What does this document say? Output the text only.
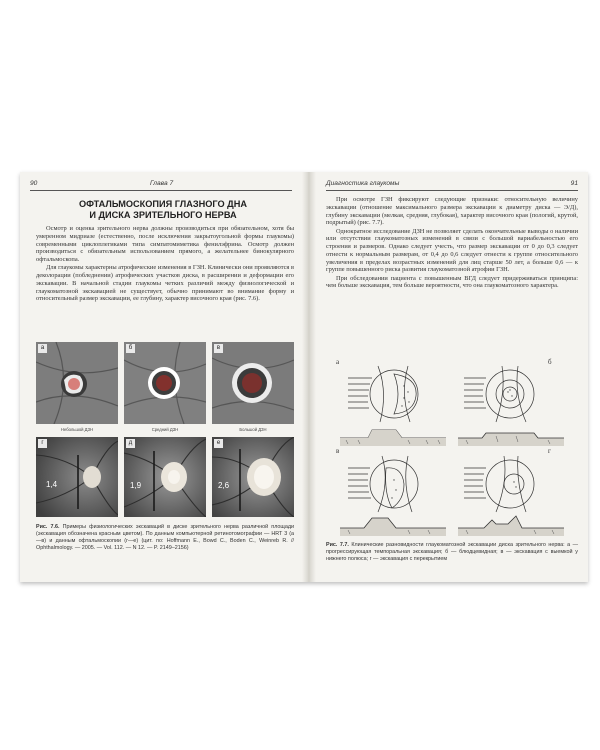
90	Глава 7
ОФТАЛЬМОСКОПИЯ ГЛАЗНОГО ДНА
И ДИСКА ЗРИТЕЛЬНОГО НЕРВА

Осмотр и оценка зрительного нерва должны производиться при обязательном, хотя бы умеренном мидриазе (естественно, после исключения закрытоугольной формы глаукомы) современными циклоплегиками типа симпатомиметика фенилэфрина. Осмотр должен производиться с обязательным использованием прямого, а желательнее бинокулярного офтальмоскопа.

Для глаукомы характерны атрофические изменения в ГЗН. Клинически они проявляются в деколорации (побледнении) атрофических участков диска, в расширении и деформации его экскавации. В начальной стадии глаукомы четких различий между физиологической и глаукоматозной экскавацией не существует, обычно принимают во внимание форму и относительный размер экскавации, ее глубину, характер височного края (рис. 7.6).

а	б	в
Небольшой ДЗН	Средний ДЗН	Большой ДЗН
г
1,4
д
1,9
е
2,6
Рис. 7.6. Примеры физиологических экскаваций в диске зрительного нерва различной площади (экскавация обозначена красным цветом). По данным компьютерной ретинотомографии — HRT 3 (а—в) и данным офтальмоскопии (г—е) (цит. по: Hoffmann E., Bowd C., Boden C., Weinreb R. // Ophthalmology. — 2005. — Vol. 112. — N 12. — P. 2149–2156)
Диагностика глаукомы	91

При осмотре ГЗН фиксируют следующие признаки: относительную величину экскавации (отношение максимального размера экскавации к диаметру диска — Э/Д), глубину экскавации (мелкая, средняя, глубокая), характер височного края (пологий, крутой, подрытый) (рис. 7.7).

Однократное исследование ДЗН не позволяет сделать окончательные выводы о наличии или отсутствии глаукоматозных изменений в связи с большой вариабельностью его строения и размеров. Однако следует учесть, что размер экскавации от 0 до 0,3 следует отнести к нормальным размерам, от 0,4 до 0,6 следует отнести к группе относительного увеличения в пределах возрастных изменений для лиц старше 50 лет, а больше 0,6 — к группе повышенного риска развития глаукоматозной атрофии ГЗН.

При обследовании пациента с повышенным ВГД следует придерживаться принципа: чем больше экскавация, тем больше вероятности, что она глаукоматозного характера.

а	б
в	г
Рис. 7.7. Клинические разновидности глаукоматозной экскавации диска зрительного нерва: а — прогрессирующая темпоральная экскавация; б — блюдцевидная; в — экскавация с выемкой у нижнего полюса; г — экскавация с перекрытием
